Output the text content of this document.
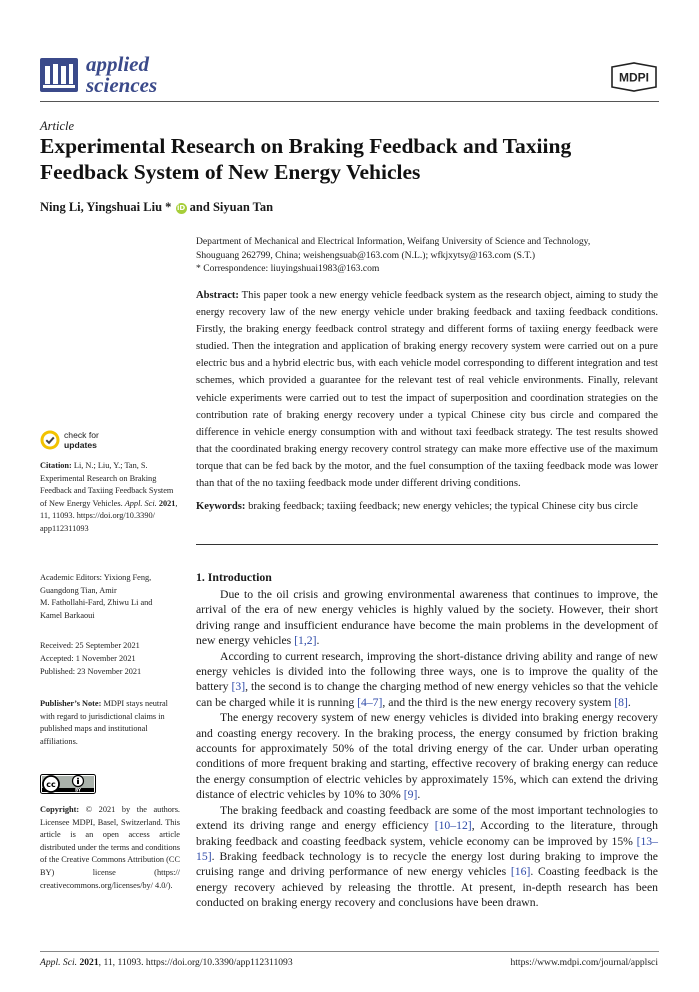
applied
sciences	MDPI
Article
Experimental Research on Braking Feedback and Taxiing
Feedback System of New Energy Vehicles
Ning Li, Yingshuai Liu * iD and Siyuan Tan
Department of Mechanical and Electrical Information, Weifang University of Science and Technology,
Shouguang 262799, China; weishengsuab@163.com (N.L.); wfkjxytsy@163.com (S.T.)
* Correspondence: liuyingshuai1983@163.com
Abstract: This paper took a new energy vehicle feedback system as the research object, aiming to study the energy recovery law of the new energy vehicle under braking feedback and taxiing feedback conditions. Firstly, the braking energy feedback control strategy and different forms of taxiing energy feedback were studied. Then the integration and application of braking energy recovery system were carried out on a pure electric bus and a hybrid electric bus, with each vehicle model corresponding to different integration and test schemes, which provided a guarantee for the relevant test of real vehicle environments. Finally, relevant vehicle experiments were carried out to test the impact of superposition and coordination strategies on the contribution rate of braking energy recovery under a typical Chinese city bus circle and compared the difference in vehicle energy consumption with and without taxi feedback strategy. The test results showed that the coordinated braking energy recovery control strategy can make more effective use of the maximum torque that can be fed back by the motor, and the fuel consumption of the taxiing feedback mode was lower than that of the no taxiing feedback mode under different driving conditions.
Keywords: braking feedback; taxiing feedback; new energy vehicles; the typical Chinese city bus circle
check for
updates
Citation: Li, N.; Liu, Y.; Tan, S. Experimental Research on Braking Feedback and Taxiing Feedback System of New Energy Vehicles. Appl. Sci. 2021, 11, 11093. https://doi.org/10.3390/ app112311093
Academic Editors: Yixiong Feng,
Guangdong Tian, Amir
M. Fathollahi-Fard, Zhiwu Li and
Kamel Barkaoui
Received: 25 September 2021
Accepted: 1 November 2021
Published: 23 November 2021
Publisher’s Note: MDPI stays neutral with regard to jurisdictional claims in published maps and institutional affiliations.
cc
BY
Copyright: © 2021 by the authors. Licensee MDPI, Basel, Switzerland. This article is an open access article distributed under the terms and conditions of the Creative Commons Attribution (CC BY) license (https:// creativecommons.org/licenses/by/ 4.0/).
1. Introduction

Due to the oil crisis and growing environmental awareness that continues to improve, the arrival of the era of new energy vehicles is highly valued by the society. However, their short driving range and insufficient endurance have become the main problems in the development of new energy vehicles [1,2].

According to current research, improving the short-distance driving ability and range of new energy vehicles is divided into the following three ways, one is to improve the quality of the battery [3], the second is to change the charging method of new energy vehicles so that the vehicle can be charged while it is running [4–7], and the third is the new energy recovery system [8].

The energy recovery system of new energy vehicles is divided into braking energy recovery and coasting energy recovery. In the braking process, the energy consumed by friction braking accounts for approximately 50% of the total driving energy of the car. Under urban operating conditions of more frequent braking and starting, effective recovery of braking energy can reduce the energy consumption of electric vehicles by approximately 15%, which can extend the driving distance of electric vehicles by 10% to 30% [9].

The braking feedback and coasting feedback are some of the most important technologies to extend its driving range and energy efficiency [10–12], According to the literature, through braking feedback and coasting feedback system, vehicle economy can be improved by 15% [13–15]. Braking feedback technology is to recycle the energy lost during braking to improve the cruising range and driving performance of new energy vehicles [16]. Coasting feedback is the energy recovery achieved by releasing the throttle. At present, in-depth research has been conducted on braking energy recovery and conclusions have been drawn.

Appl. Sci. 2021, 11, 11093. https://doi.org/10.3390/app112311093	https://www.mdpi.com/journal/applsci
